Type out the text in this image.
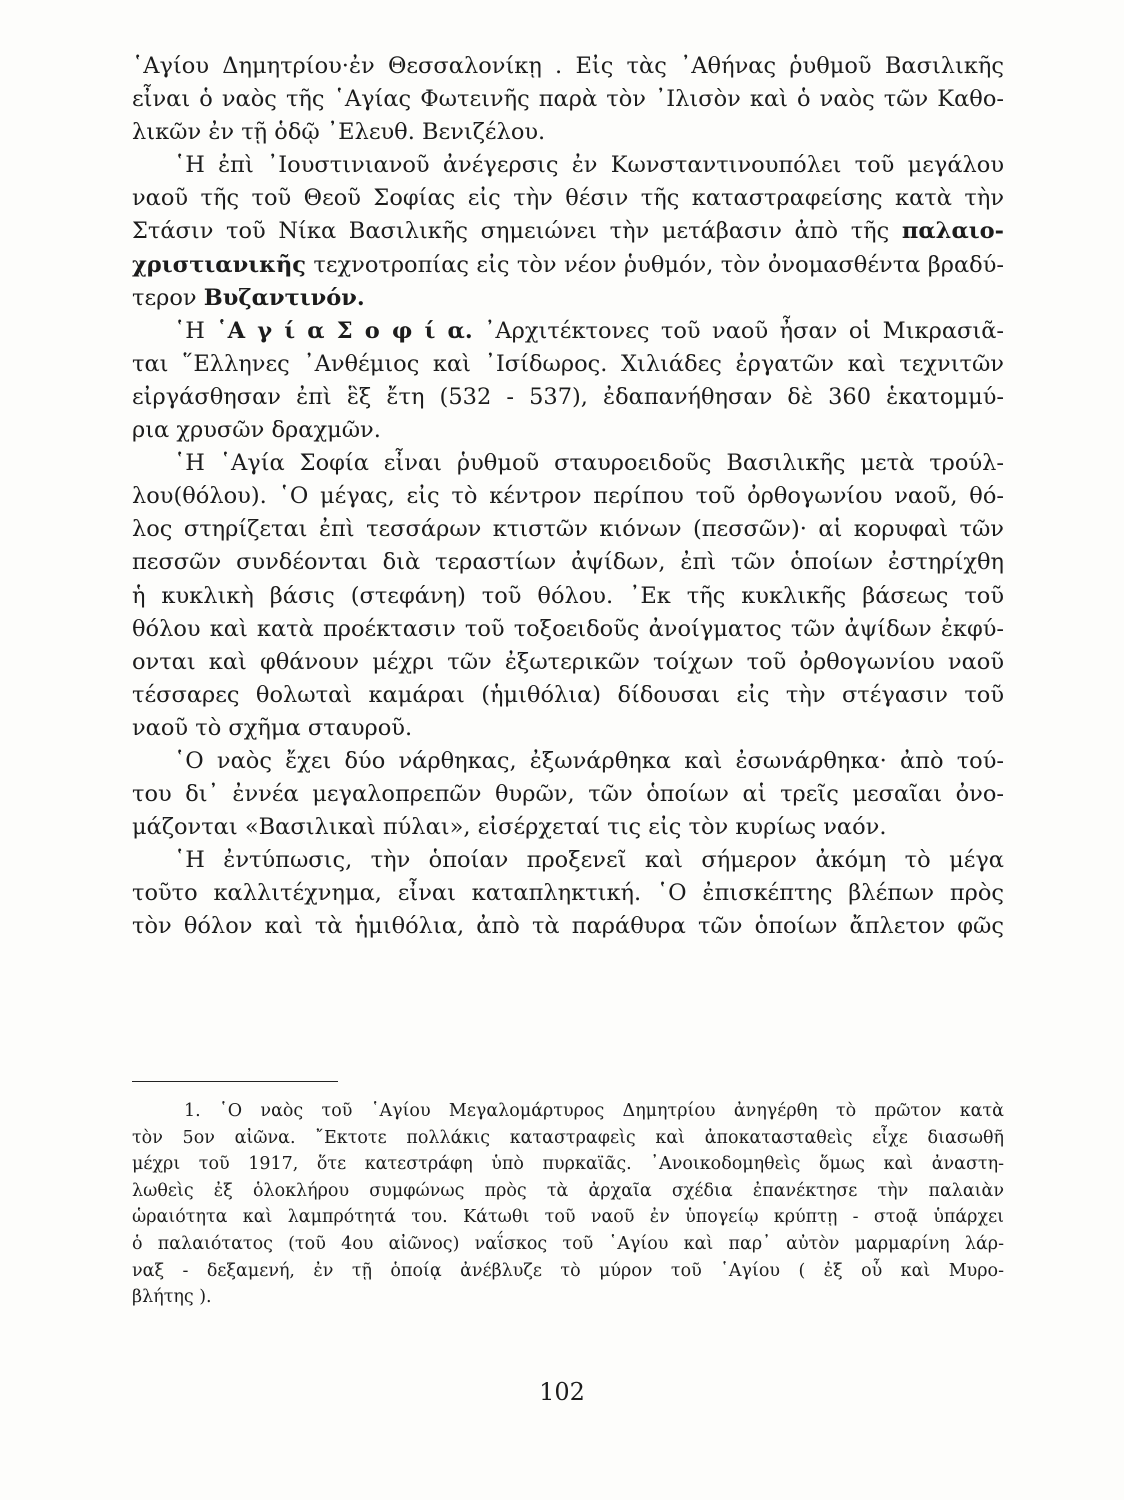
῾Αγίου Δημητρίου·ἐν Θεσσαλονίκῃ . Εἰς τὰς ᾿Αθήνας ῥυθμοῦ Βασιλικῆς
εἶναι ὁ ναὸς τῆς ῾Αγίας Φωτεινῆς παρὰ τὸν ᾿Ιλισὸν καὶ ὁ ναὸς τῶν Καθο-
λικῶν ἐν τῇ ὁδῷ ᾿Ελευθ. Βενιζέλου.
῾Η ἐπὶ ᾿Ιουστινιανοῦ ἀνέγερσις ἐν Κωνσταντινουπόλει τοῦ μεγάλου
ναοῦ τῆς τοῦ Θεοῦ Σοφίας εἰς τὴν θέσιν τῆς καταστραφείσης κατὰ τὴν
Στάσιν τοῦ Νίκα Βασιλικῆς σημειώνει τὴν μετάβασιν ἀπὸ τῆς παλαιο-
χριστιανικῆς τεχνοτροπίας εἰς τὸν νέον ῥυθμόν, τὸν ὀνομασθέντα βραδύ-
τερον Βυζαντινόν.
῾Η ῾Α γ ί α Σ ο φ ί α. ᾿Αρχιτέκτονες τοῦ ναοῦ ἦσαν οἱ Μικρασιᾶ-
ται ῞Ελληνες ᾿Ανθέμιος καὶ ᾿Ισίδωρος. Χιλιάδες ἐργατῶν καὶ τεχνιτῶν
εἰργάσθησαν ἐπὶ ἓξ ἔτη (532 - 537), ἐδαπανήθησαν δὲ 360 ἑκατομμύ-
ρια χρυσῶν δραχμῶν.
῾Η ῾Αγία Σοφία εἶναι ῥυθμοῦ σταυροειδοῦς Βασιλικῆς μετὰ τρούλ-
λου(θόλου). ῾Ο μέγας, εἰς τὸ κέντρον περίπου τοῦ ὀρθογωνίου ναοῦ, θό-
λος στηρίζεται ἐπὶ τεσσάρων κτιστῶν κιόνων (πεσσῶν)· αἱ κορυφαὶ τῶν
πεσσῶν συνδέονται διὰ τεραστίων ἀψίδων, ἐπὶ τῶν ὁποίων ἐστηρίχθη
ἡ κυκλικὴ βάσις (στεφάνη) τοῦ θόλου. ᾿Εκ τῆς κυκλικῆς βάσεως τοῦ
θόλου καὶ κατὰ προέκτασιν τοῦ τοξοειδοῦς ἀνοίγματος τῶν ἀψίδων ἐκφύ-
ονται καὶ φθάνουν μέχρι τῶν ἐξωτερικῶν τοίχων τοῦ ὀρθογωνίου ναοῦ
τέσσαρες θολωταὶ καμάραι (ἡμιθόλια) δίδουσαι εἰς τὴν στέγασιν τοῦ
ναοῦ τὸ σχῆμα σταυροῦ.
῾Ο ναὸς ἔχει δύο νάρθηκας, ἐξωνάρθηκα καὶ ἐσωνάρθηκα· ἀπὸ τού-
του δι᾿ ἐννέα μεγαλοπρεπῶν θυρῶν, τῶν ὁποίων αἱ τρεῖς μεσαῖαι ὀνο-
μάζονται «Βασιλικαὶ πύλαι», εἰσέρχεταί τις εἰς τὸν κυρίως ναόν.
῾Η ἐντύπωσις, τὴν ὁποίαν προξενεῖ καὶ σήμερον ἀκόμη τὸ μέγα
τοῦτο καλλιτέχνημα, εἶναι καταπληκτική. ῾Ο ἐπισκέπτης βλέπων πρὸς
τὸν θόλον καὶ τὰ ἡμιθόλια, ἀπὸ τὰ παράθυρα τῶν ὁποίων ἄπλετον φῶς
1. ῾Ο ναὸς τοῦ ῾Αγίου Μεγαλομάρτυρος Δημητρίου ἀνηγέρθη τὸ πρῶτον κατὰ
τὸν 5ον αἰῶνα. ῎Εκτοτε πολλάκις καταστραφεὶς καὶ ἀποκατασταθεὶς εἶχε διασωθῆ
μέχρι τοῦ 1917, ὅτε κατεστράφη ὑπὸ πυρκαϊᾶς. ᾿Ανοικοδομηθεὶς ὅμως καὶ ἀναστη-
λωθεὶς ἐξ ὁλοκλήρου συμφώνως πρὸς τὰ ἀρχαῖα σχέδια ἐπανέκτησε τὴν παλαιὰν
ὡραιότητα καὶ λαμπρότητά του. Κάτωθι τοῦ ναοῦ ἐν ὑπογείῳ κρύπτῃ - στοᾷ ὑπάρχει
ὁ παλαιότατος (τοῦ 4ου αἰῶνος) ναΐσκος τοῦ ῾Αγίου καὶ παρ᾿ αὐτὸν μαρμαρίνη λάρ-
ναξ - δεξαμενή, ἐν τῇ ὁποίᾳ ἀνέβλυζε τὸ μύρον τοῦ ῾Αγίου ( ἐξ οὗ καὶ Μυρο-
βλήτης ).
102
